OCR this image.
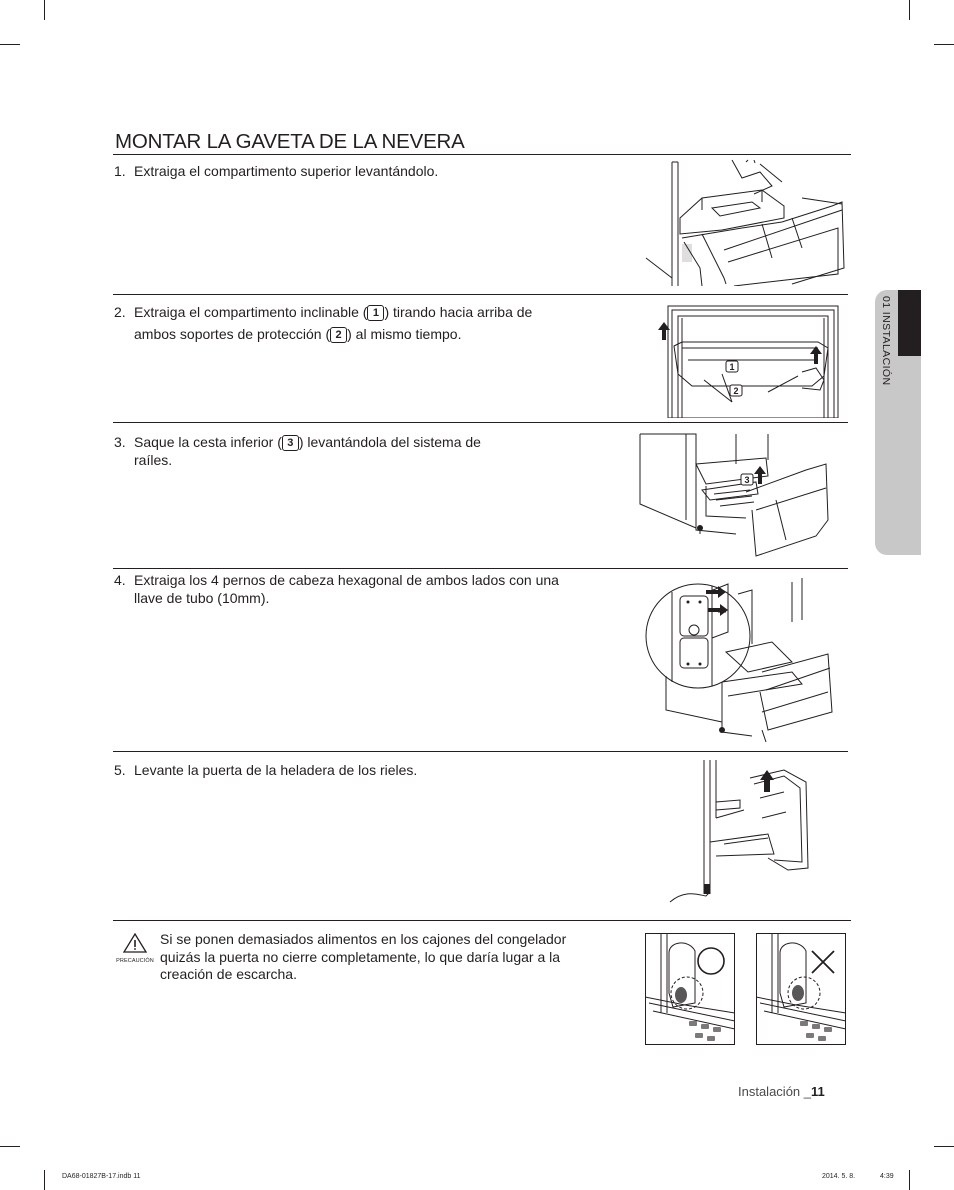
01 INSTALACIÓN
MONTAR LA GAVETA DE LA NEVERA
1. Extraiga el compartimento superior levantándolo.
2. Extraiga el compartimento inclinable ( 1 ) tirando hacia arriba de
ambos soportes de protección ( 2 ) al mismo tiempo.
1
2
3. Saque la cesta inferior ( 3 ) levantándola del sistema de
raíles.
3
4. Extraiga los 4 pernos de cabeza hexagonal de ambos lados con una
llave de tubo (10mm).
5. Levante la puerta de la heladera de los rieles.
PRECAUCIÓN
Si se ponen demasiados alimentos en los cajones del congelador quizás la puerta no cierre completamente, lo que daría lugar a la creación de escarcha.
Instalación _11
DA68-01827B-17.indb 11	2014. 5. 8.	4:39
